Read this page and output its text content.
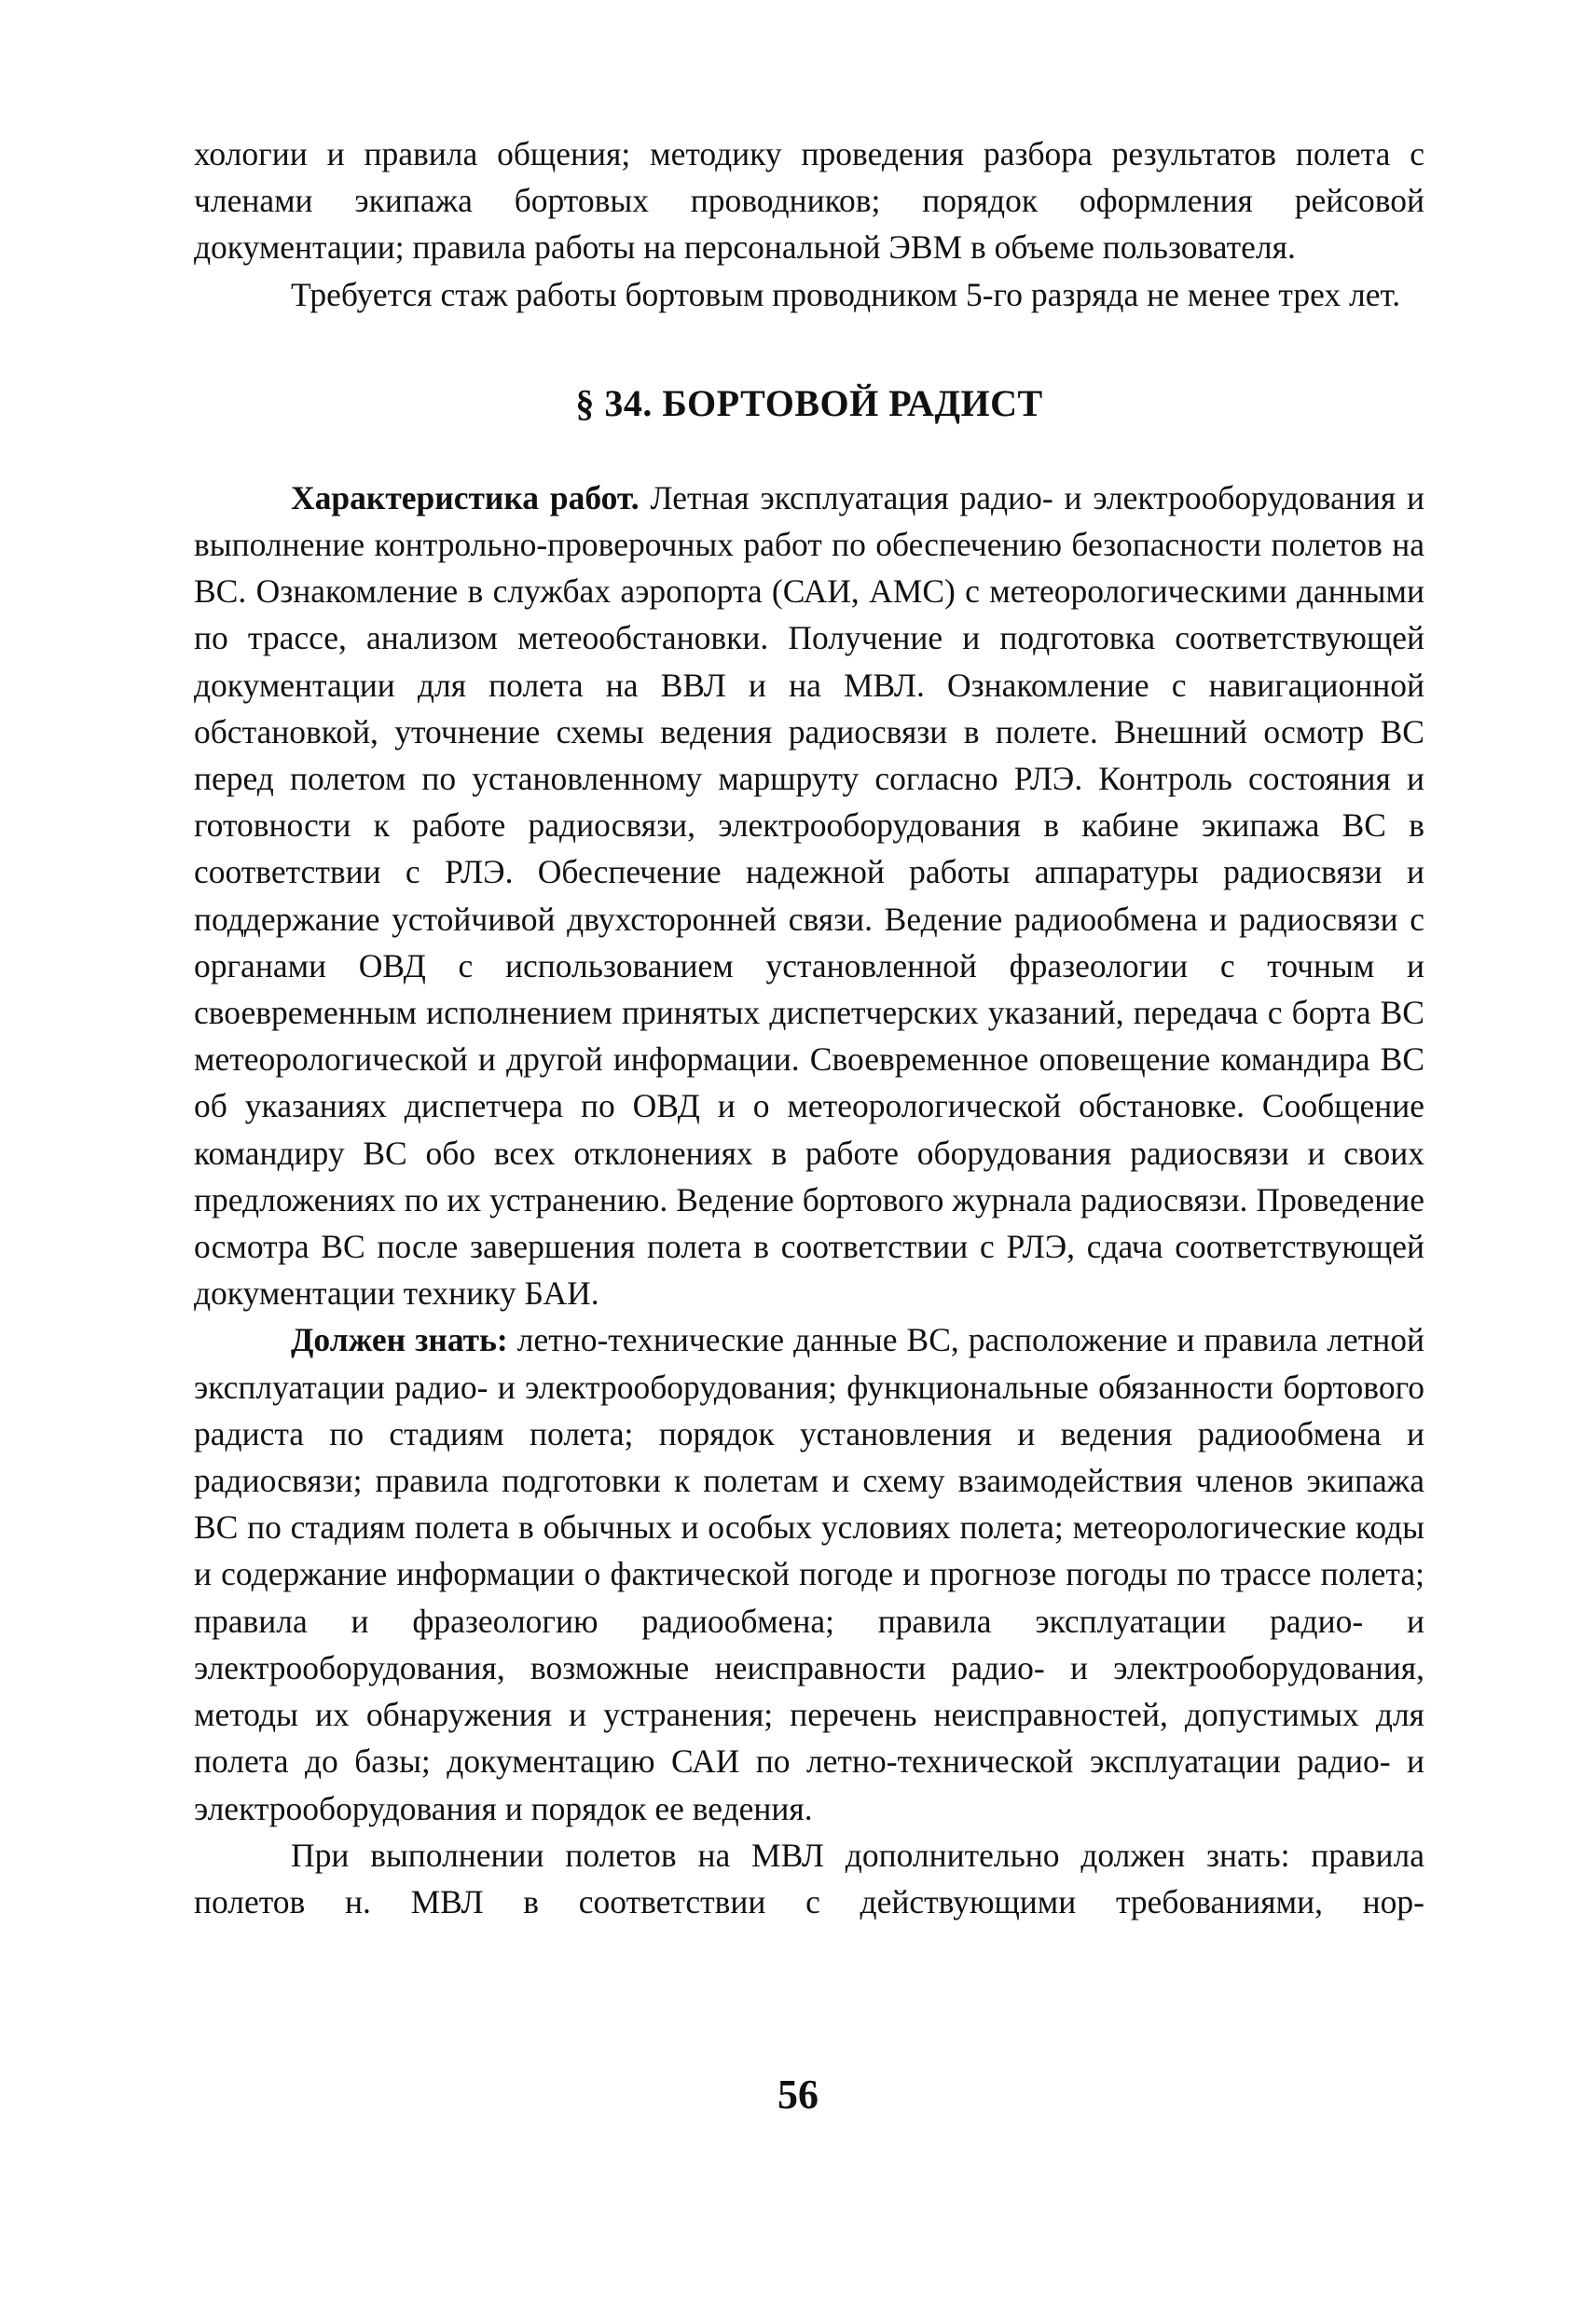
хологии и правила общения; методику проведения разбора результатов полета с членами экипажа бортовых проводников; порядок оформления рейсовой документации; правила работы на персональной ЭВМ в объеме пользователя.

Требуется стаж работы бортовым проводником 5-го разряда не менее трех лет.

§ 34. БОРТОВОЙ РАДИСТ

Характеристика работ. Летная эксплуатация радио- и электрооборудования и выполнение контрольно-проверочных работ по обеспечению безопасности полетов на ВС. Ознакомление в службах аэропорта (САИ, АМС) с метеорологическими данными по трассе, анализом метеообстановки. Получение и подготовка соответствующей документации для полета на ВВЛ и на МВЛ. Ознакомление с навигационной обстановкой, уточнение схемы ведения радиосвязи в полете. Внешний осмотр ВС перед полетом по установленному маршруту согласно РЛЭ. Контроль состояния и готовности к работе радиосвязи, электрооборудования в кабине экипажа ВС в соответствии с РЛЭ. Обеспечение надежной работы аппаратуры радиосвязи и поддержание устойчивой двухсторонней связи. Ведение радиообмена и радиосвязи с органами ОВД с использованием установленной фразеологии с точным и своевременным исполнением принятых диспетчерских указаний, передача с борта ВС метеорологической и другой информации. Своевременное оповещение командира ВС об указаниях диспетчера по ОВД и о метеорологической обстановке. Сообщение командиру ВС обо всех отклонениях в работе оборудования радиосвязи и своих предложениях по их устранению. Ведение бортового журнала радиосвязи. Проведение осмотра ВС после завершения полета в соответствии с РЛЭ, сдача соответствующей документации технику БАИ.

Должен знать: летно-технические данные ВС, расположение и правила летной эксплуатации радио- и электрооборудования; функциональные обязанности бортового радиста по стадиям полета; порядок установления и ведения радиообмена и радиосвязи; правила подготовки к полетам и схему взаимодействия членов экипажа ВС по стадиям полета в обычных и особых условиях полета; метеорологические коды и содержание информации о фактической погоде и прогнозе погоды по трассе полета; правила и фразеологию радиообмена; правила эксплуатации радио- и электрооборудования, возможные неисправности радио- и электрооборудования, методы их обнаружения и устранения; перечень неисправностей, допустимых для полета до базы; документацию САИ по летно-технической эксплуатации радио- и электрооборудования и порядок ее ведения.

При выполнении полетов на МВЛ дополнительно должен знать: правила полетов н. МВЛ в соответствии с действующими требованиями, нор-

56
